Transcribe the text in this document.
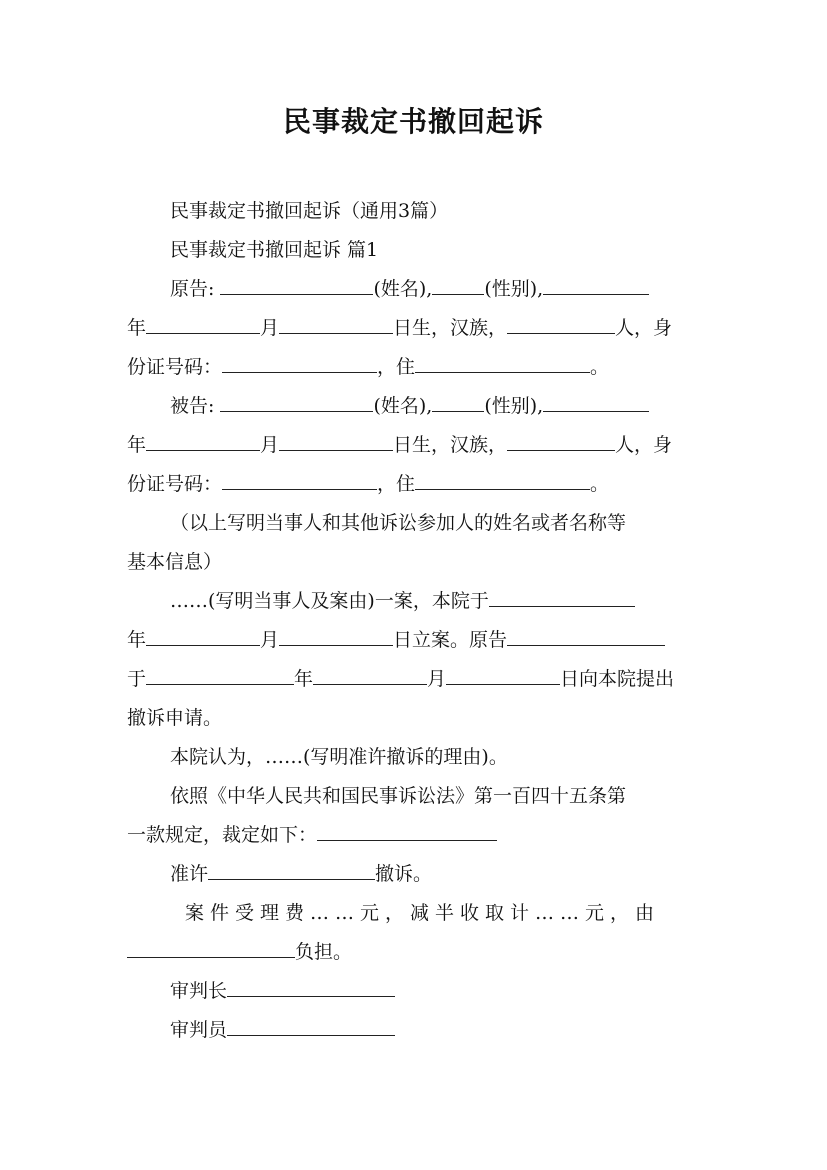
民事裁定书撤回起诉
民事裁定书撤回起诉（通用3篇）
民事裁定书撤回起诉 篇1
原告:	(姓名),	(性别),
年	月	日生，汉族，	人，身
份证号码：	，住	。
被告:	(姓名),	(性别),
年	月	日生，汉族，	人，身
份证号码：	，住	。
（以上写明当事人和其他诉讼参加人的姓名或者名称等
基本信息）
……(写明当事人及案由)一案，本院于
年	月	日立案。原告
于	年	月	日向本院提出
撤诉申请。
本院认为，……(写明准许撤诉的理由)。
依照《中华人民共和国民事诉讼法》第一百四十五条第
一款规定，裁定如下：
准许	撤诉。
案件受理费……元，减半收取计……元，由
负担。
审判长
审判员
